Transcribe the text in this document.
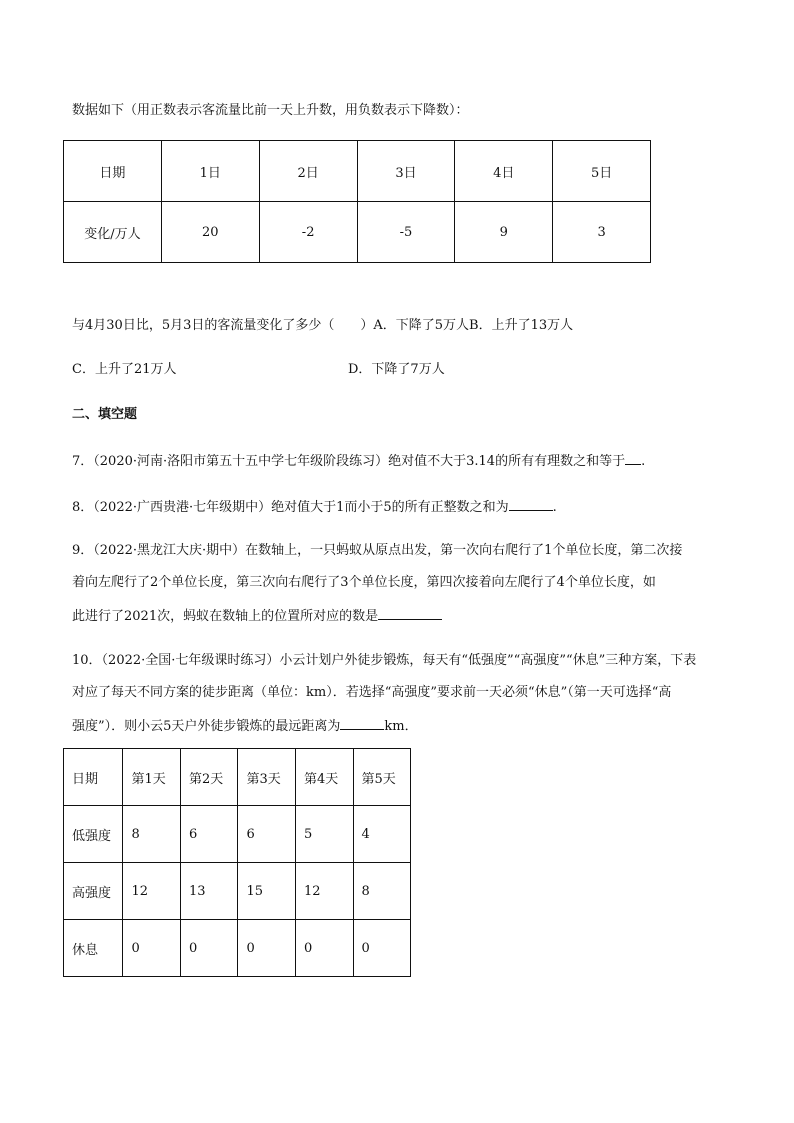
数据如下（用正数表示客流量比前一天上升数，用负数表示下降数）：
日期	1日	2日	3日	4日	5日
变化/万人	20	-2	-5	9	3
与4月30日比，5月3日的客流量变化了多少（　　）A．下降了5万人B．上升了13万人
C．上升了21万人	D．下降了7万人
二、填空题
7．（2020·河南·洛阳市第五十五中学七年级阶段练习）绝对值不大于3.14的所有有理数之和等于 .
8．（2022·广西贵港·七年级期中）绝对值大于1而小于5的所有正整数之和为	.
9．（2022·黑龙江大庆·期中）在数轴上，一只蚂蚁从原点出发，第一次向右爬行了1个单位长度，第二次接
着向左爬行了2个单位长度，第三次向右爬行了3个单位长度，第四次接着向左爬行了4个单位长度，如
此进行了2021次，蚂蚁在数轴上的位置所对应的数是
10．（2022·全国·七年级课时练习）小云计划户外徒步锻炼，每天有“低强度”“高强度”“休息”三种方案，下表
对应了每天不同方案的徒步距离（单位：km）．若选择“高强度”要求前一天必须“休息”（第一天可选择“高
强度”）．则小云5天户外徒步锻炼的最远距离为	km．
日期	第1天	第2天	第3天	第4天	第5天
低强度	8	6	6	5	4
高强度	12	13	15	12	8
休息	0	0	0	0	0
